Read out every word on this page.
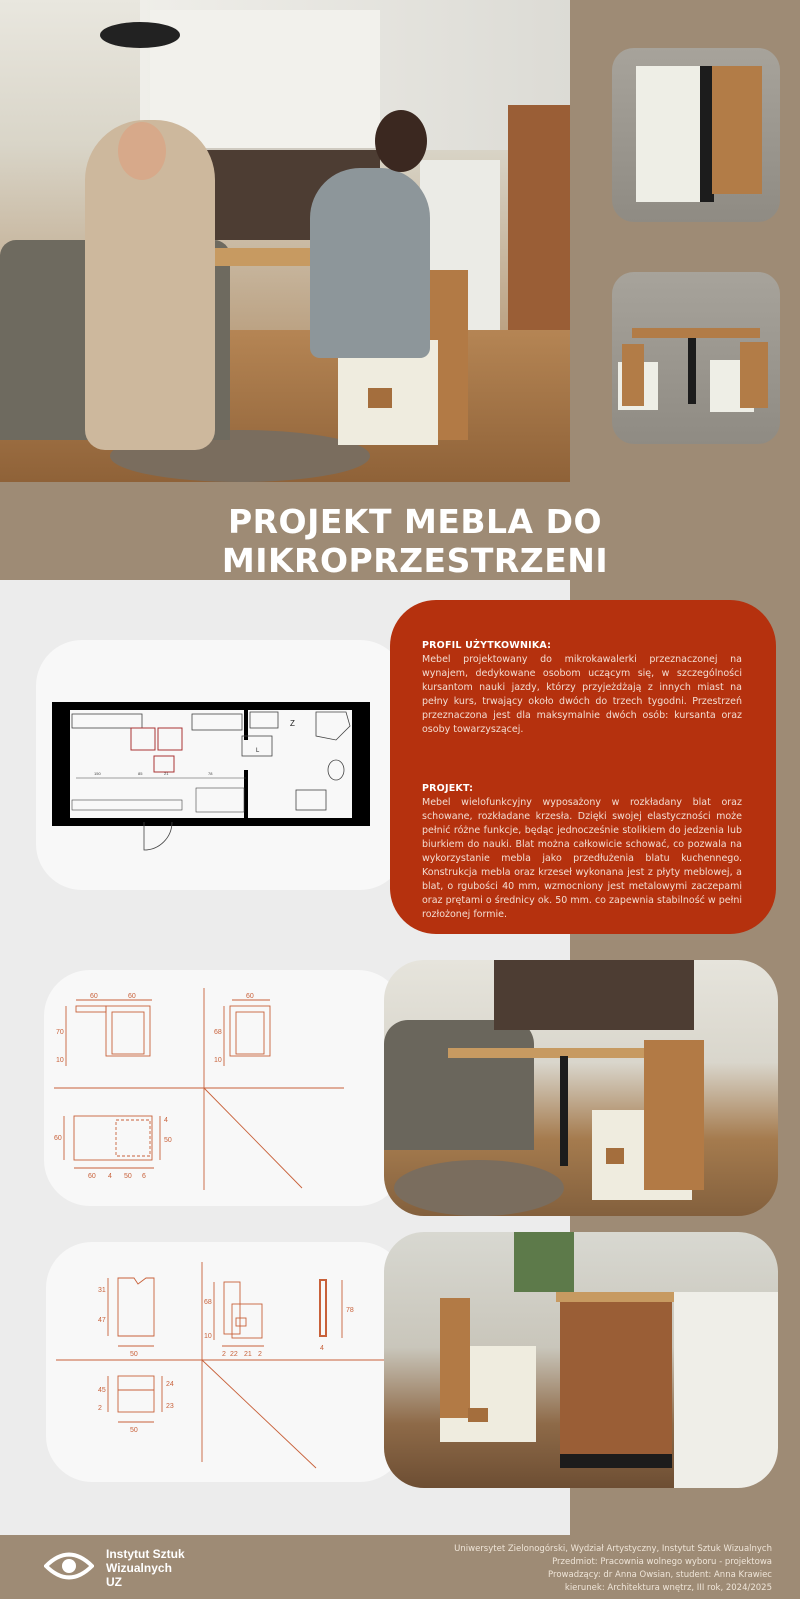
PROJEKT MEBLA DO MIKROPRZESTRZENI
150	85	21	78
Z
L
PROFIL UŻYTKOWNIKA:

Mebel projektowany do mikrokawalerki przeznaczonej na wynajem, dedykowane osobom uczącym się, w szczególności kursantom nauki jazdy, którzy przyjeżdżają z innych miast na pełny kurs, trwający około dwóch do trzech tygodni. Przestrzeń przeznaczona jest dla maksymalnie dwóch osób: kursanta oraz osoby towarzyszącej.

PROJEKT:

Mebel wielofunkcyjny wyposażony w rozkładany blat oraz schowane, rozkładane krzesła. Dzięki swojej elastyczności może pełnić różne funkcje, będąc jednocześnie stolikiem do jedzenia lub biurkiem do nauki. Blat można całkowicie schować, co pozwala na wykorzystanie mebla jako przedłużenia blatu kuchennego. Konstrukcja mebla oraz krzeseł wykonana jest z płyty meblowej, a blat, o rgubości 40 mm, wzmocniony jest metalowymi zaczepami oraz prętami o średnicy ok. 50 mm. co zapewnia stabilność w pełni rozłożonej formie.

60	60
70
10
60
68
10
60
60 4 50 6
4
50
31
47
50
68
10
2 22 21 2
78
4
45
2
24
23
50
Instytut Sztuk
Wizualnych
UZ
Uniwersytet Zielonogórski, Wydział Artystyczny, Instytut Sztuk Wizualnych
Przedmiot: Pracownia wolnego wyboru - projektowa
Prowadzący: dr Anna Owsian, student: Anna Krawiec
kierunek: Architektura wnętrz, III rok, 2024/2025
